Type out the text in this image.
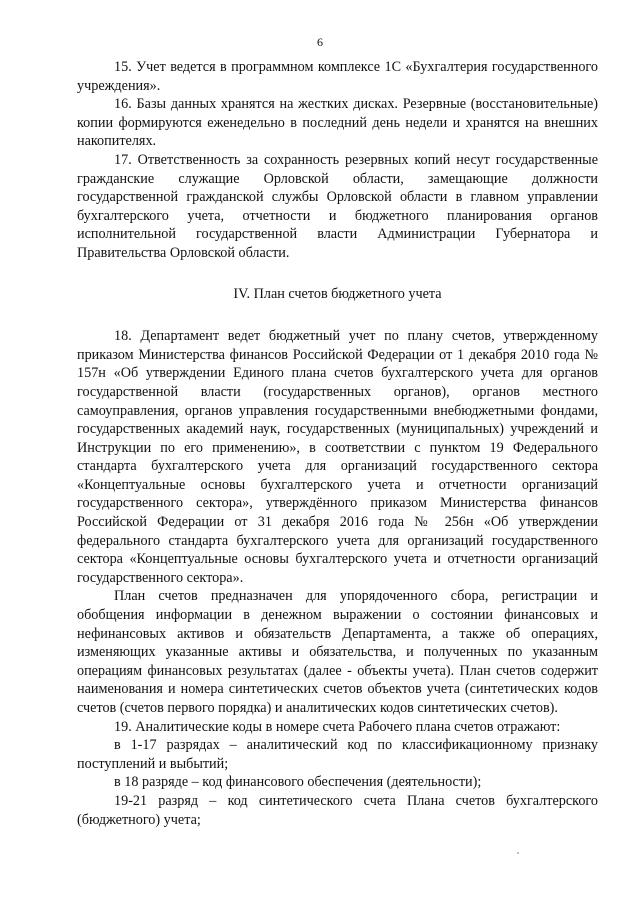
6

15. Учет ведется в программном комплексе 1С «Бухгалтерия государственного учреждения».

16. Базы данных хранятся на жестких дисках. Резервные (восстановительные) копии формируются еженедельно в последний день недели и хранятся на внешних накопителях.

17. Ответственность за сохранность резервных копий несут государственные гражданские служащие Орловской области, замещающие должности государственной гражданской службы Орловской области в главном управлении бухгалтерского учета, отчетности и бюджетного планирования органов исполнительной государственной власти Администрации Губернатора и Правительства Орловской области.

IV. План счетов бюджетного учета

18. Департамент ведет бюджетный учет по плану счетов, утвержденному приказом Министерства финансов Российской Федерации от 1 декабря 2010 года № 157н «Об утверждении Единого плана счетов бухгалтерского учета для органов государственной власти (государственных органов), органов местного самоуправления, органов управления государственными внебюджетными фондами, государственных академий наук, государственных (муниципальных) учреждений и Инструкции по его применению», в соответствии с пунктом 19 Федерального стандарта бухгалтерского учета для организаций государственного сектора «Концептуальные основы бухгалтерского учета и отчетности организаций государственного сектора», утверждённого приказом Министерства финансов Российской Федерации от 31 декабря 2016 года № 256н «Об утверждении федерального стандарта бухгалтерского учета для организаций государственного сектора «Концептуальные основы бухгалтерского учета и отчетности организаций государственного сектора».

План счетов предназначен для упорядоченного сбора, регистрации и обобщения информации в денежном выражении о состоянии финансовых и нефинансовых активов и обязательств Департамента, а также об операциях, изменяющих указанные активы и обязательства, и полученных по указанным операциям финансовых результатах (далее - объекты учета). План счетов содержит наименования и номера синтетических счетов объектов учета (синтетических кодов счетов (счетов первого порядка) и аналитических кодов синтетических счетов).

19. Аналитические коды в номере счета Рабочего плана счетов отражают:

в 1-17 разрядах – аналитический код по классификационному признаку поступлений и выбытий;

в 18 разряде – код финансового обеспечения (деятельности);

19-21 разряд – код синтетического счета Плана счетов бухгалтерского (бюджетного) учета;
